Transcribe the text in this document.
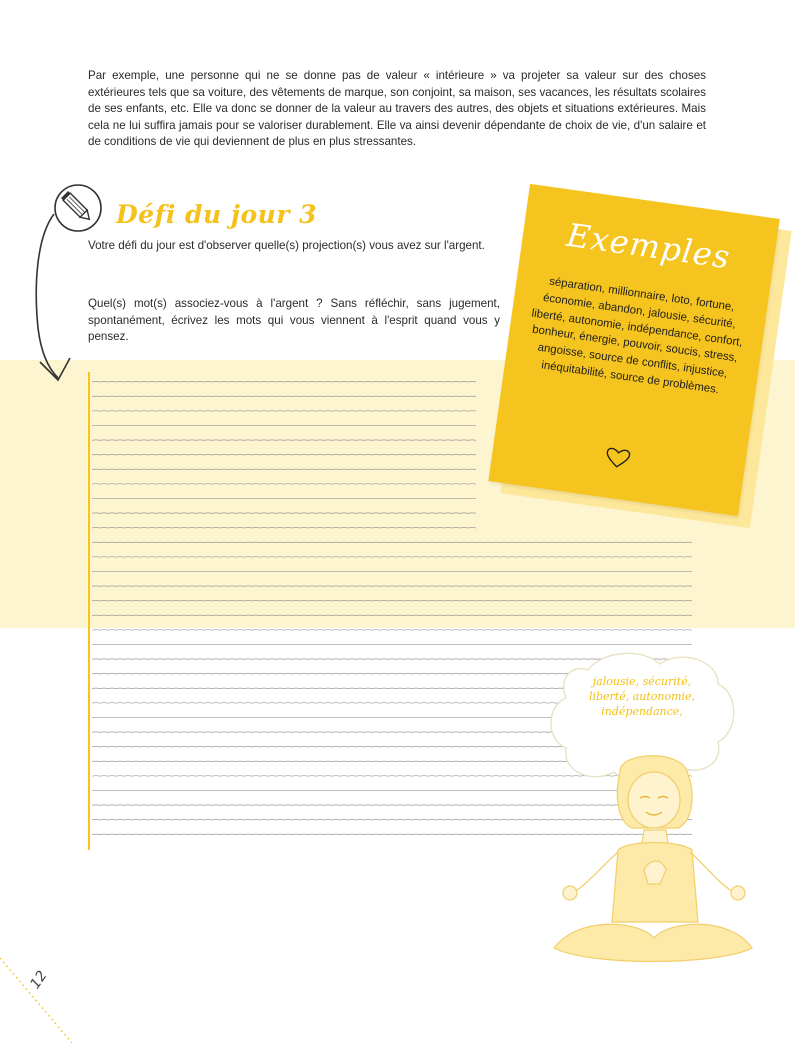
Par exemple, une personne qui ne se donne pas de valeur « intérieure » va projeter sa valeur sur des choses extérieures tels que sa voiture, des vêtements de marque, son conjoint, sa maison, ses vacances, les résultats scolaires de ses enfants, etc. Elle va donc se donner de la valeur au travers des autres, des objets et situations extérieures. Mais cela ne lui suffira jamais pour se valoriser durablement. Elle va ainsi devenir dépendante de choix de vie, d'un salaire et de conditions de vie qui deviennent de plus en plus stressantes.

Défi du jour 3

Votre défi du jour est d'observer quelle(s) projection(s) vous avez sur l'argent.

Quel(s) mot(s) associez-vous à l'argent ? Sans réfléchir, sans jugement, spontanément, écrivez les mots qui vous viennent à l'esprit quand vous y pensez.

Exemples
séparation, millionnaire, loto, fortune, économie, abandon, jalousie, sécurité, liberté, autonomie, indépendance, confort, bonheur, énergie, pouvoir, soucis, stress, angoisse, source de conflits, injustice, inéquitabilité, source de problèmes.
jalousie, sécurité, liberté, autonomie, indépendance,
12
